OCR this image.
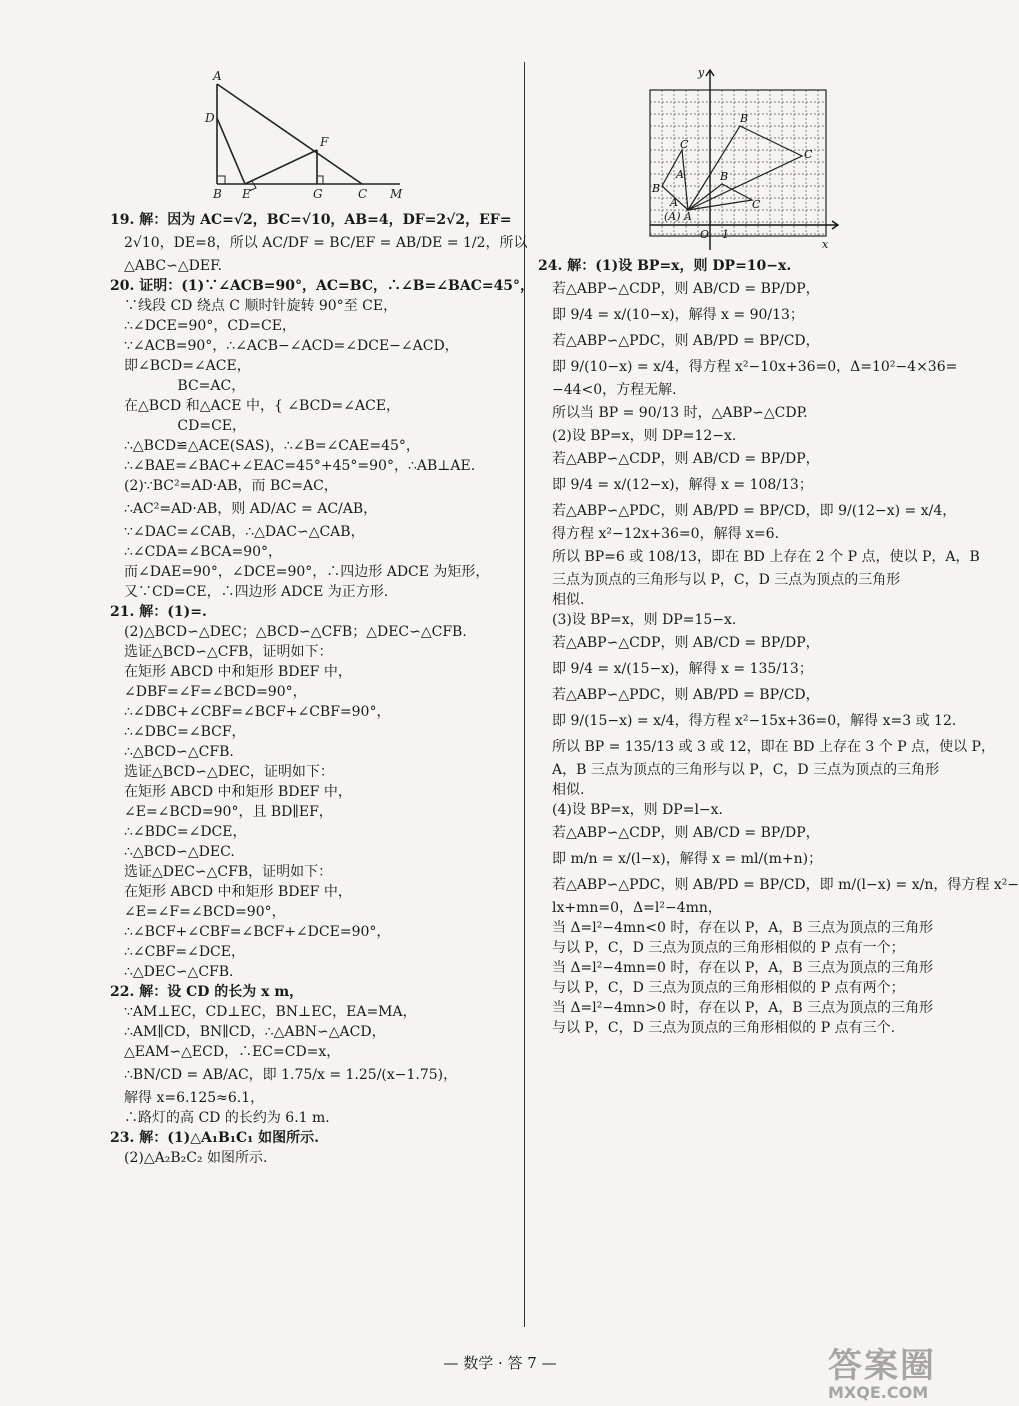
A
D
F
B E	G	C M
19. 解：因为 AC=√2，BC=√10，AB=4，DF=2√2，EF=
2√10，DE=8，所以 AC/DF = BC/EF = AB/DE = 1/2，所以
△ABC∽△DEF.
20. 证明：(1)∵∠ACB=90°，AC=BC，∴∠B=∠BAC=45°，
∵线段 CD 绕点 C 顺时针旋转 90°至 CE，
∴∠DCE=90°，CD=CE，
∵∠ACB=90°，∴∠ACB−∠ACD=∠DCE−∠ACD，
即∠BCD=∠ACE，
BC=AC，
在△BCD 和△ACE 中，{ ∠BCD=∠ACE，
CD=CE，
∴△BCD≌△ACE(SAS)，∴∠B=∠CAE=45°，
∴∠BAE=∠BAC+∠EAC=45°+45°=90°，∴AB⊥AE.
(2)∵BC²=AD·AB，而 BC=AC，
∴AC²=AD·AB，则 AD/AC = AC/AB，
∵∠DAC=∠CAB，∴△DAC∽△CAB，
∴∠CDA=∠BCA=90°，
而∠DAE=90°，∠DCE=90°，∴四边形 ADCE 为矩形，
又∵CD=CE，∴四边形 ADCE 为正方形.
21. 解：(1)=.
(2)△BCD∽△DEC；△BCD∽△CFB；△DEC∽△CFB.
选证△BCD∽△CFB，证明如下：
在矩形 ABCD 中和矩形 BDEF 中，
∠DBF=∠F=∠BCD=90°，
∴∠DBC+∠CBF=∠BCF+∠CBF=90°，
∴∠DBC=∠BCF，
∴△BCD∽△CFB.
选证△BCD∽△DEC，证明如下：
在矩形 ABCD 中和矩形 BDEF 中，
∠E=∠BCD=90°，且 BD∥EF，
∴∠BDC=∠DCE，
∴△BCD∽△DEC.
选证△DEC∽△CFB，证明如下：
在矩形 ABCD 中和矩形 BDEF 中，
∠E=∠F=∠BCD=90°，
∴∠BCF+∠CBF=∠BCF+∠DCE=90°，
∴∠CBF=∠DCE，
∴△DEC∽△CFB.
22. 解：设 CD 的长为 x m，
∵AM⊥EC，CD⊥EC，BN⊥EC，EA=MA，
∴AM∥CD，BN∥CD，∴△ABN∽△ACD，
△EAM∽△ECD，∴EC=CD=x，
∴BN/CD = AB/AC，即 1.75/x = 1.25/(x−1.75)，
解得 x=6.125≈6.1，
∴路灯的高 CD 的长约为 6.1 m.
23. 解：(1)△A₁B₁C₁ 如图所示.
(2)△A₂B₂C₂ 如图所示.
x
y
B
C
A
B
C
A	C
B
(A) A
O 1
24. 解：(1)设 BP=x，则 DP=10−x.
若△ABP∽△CDP，则 AB/CD = BP/DP，
即 9/4 = x/(10−x)，解得 x = 90/13；
若△ABP∽△PDC，则 AB/PD = BP/CD，
即 9/(10−x) = x/4，得方程 x²−10x+36=0，Δ=10²−4×36=
−44<0，方程无解.
所以当 BP = 90/13 时，△ABP∽△CDP.
(2)设 BP=x，则 DP=12−x.
若△ABP∽△CDP，则 AB/CD = BP/DP，
即 9/4 = x/(12−x)，解得 x = 108/13；
若△ABP∽△PDC，则 AB/PD = BP/CD，即 9/(12−x) = x/4，
得方程 x²−12x+36=0，解得 x=6.
所以 BP=6 或 108/13，即在 BD 上存在 2 个 P 点，使以 P，A，B
三点为顶点的三角形与以 P，C，D 三点为顶点的三角形
相似.
(3)设 BP=x，则 DP=15−x.
若△ABP∽△CDP，则 AB/CD = BP/DP，
即 9/4 = x/(15−x)，解得 x = 135/13；
若△ABP∽△PDC，则 AB/PD = BP/CD，
即 9/(15−x) = x/4，得方程 x²−15x+36=0，解得 x=3 或 12.
所以 BP = 135/13 或 3 或 12，即在 BD 上存在 3 个 P 点，使以 P，
A，B 三点为顶点的三角形与以 P，C，D 三点为顶点的三角形
相似.
(4)设 BP=x，则 DP=l−x.
若△ABP∽△CDP，则 AB/CD = BP/DP，
即 m/n = x/(l−x)，解得 x = ml/(m+n)；
若△ABP∽△PDC，则 AB/PD = BP/CD，即 m/(l−x) = x/n，得方程 x²−
lx+mn=0，Δ=l²−4mn，
当 Δ=l²−4mn<0 时，存在以 P，A，B 三点为顶点的三角形
与以 P，C，D 三点为顶点的三角形相似的 P 点有一个；
当 Δ=l²−4mn=0 时，存在以 P，A，B 三点为顶点的三角形
与以 P，C，D 三点为顶点的三角形相似的 P 点有两个；
当 Δ=l²−4mn>0 时，存在以 P，A，B 三点为顶点的三角形
与以 P，C，D 三点为顶点的三角形相似的 P 点有三个.
— 数学 · 答 7 —	答案圈
MXQE.COM
